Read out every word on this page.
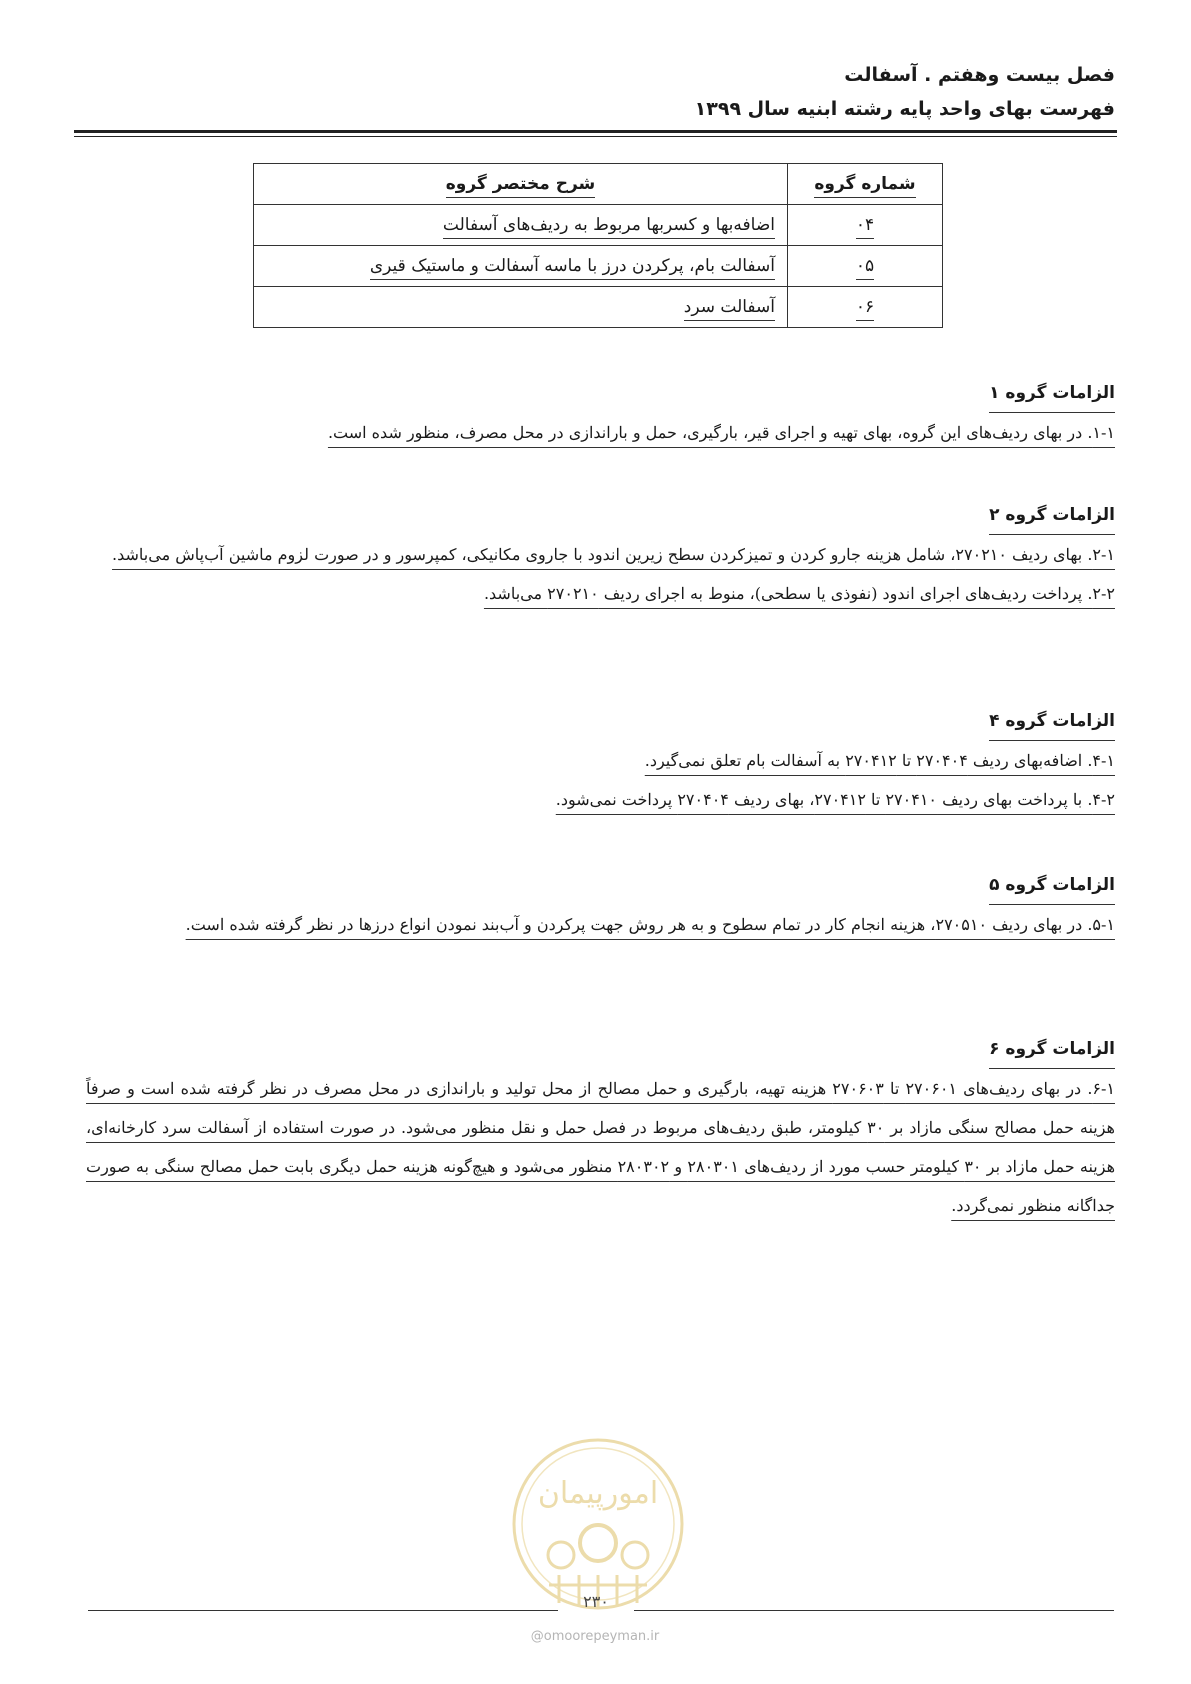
فصل بیست وهفتم . آسفالت
فهرست بهای واحد پایه رشته ابنیه سال ۱۳۹۹
شماره گروه	شرح مختصر گروه
۰۴	اضافه‌بها و کسربها مربوط به ردیف‌های آسفالت
۰۵	آسفالت بام، پرکردن درز با ماسه آسفالت و ماستیک قیری
۰۶	آسفالت سرد
الزامات گروه ۱

۱-۱. در بهای ردیف‌های این گروه، بهای تهیه و اجرای قیر، بارگیری، حمل و باراندازی در محل مصرف، منظور شده است.

الزامات گروه ۲

۲-۱. بهای ردیف ۲۷۰۲۱۰، شامل هزینه جارو کردن و تمیزکردن سطح زیرین اندود با جاروی مکانیکی، کمپرسور و در صورت لزوم ماشین آب‌پاش می‌باشد.

۲-۲. پرداخت ردیف‌های اجرای اندود (نفوذی یا سطحی)، منوط به اجرای ردیف ۲۷۰۲۱۰ می‌باشد.

الزامات گروه ۴

۴-۱. اضافه‌بهای ردیف ۲۷۰۴۰۴ تا ۲۷۰۴۱۲ به آسفالت بام تعلق نمی‌گیرد.

۴-۲. با پرداخت بهای ردیف ۲۷۰۴۱۰ تا ۲۷۰۴۱۲، بهای ردیف ۲۷۰۴۰۴ پرداخت نمی‌شود.

الزامات گروه ۵

۵-۱. در بهای ردیف ۲۷۰۵۱۰، هزینه انجام کار در تمام سطوح و به هر روش جهت پرکردن و آب‌بند نمودن انواع درزها در نظر گرفته شده است.

الزامات گروه ۶

۶-۱. در بهای ردیف‌های ۲۷۰۶۰۱ تا ۲۷۰۶۰۳ هزینه تهیه، بارگیری و حمل مصالح از محل تولید و باراندازی در محل مصرف در نظر گرفته شده است و صرفاً هزینه حمل مصالح سنگی مازاد بر ۳۰ کیلومتر، طبق ردیف‌های مربوط در فصل حمل و نقل منظور می‌شود. در صورت استفاده از آسفالت سرد کارخانه‌ای، هزینه حمل مازاد بر ۳۰ کیلومتر حسب مورد از ردیف‌های ۲۸۰۳۰۱ و ۲۸۰۳۰۲ منظور می‌شود و هیچ‌گونه هزینه حمل دیگری بابت حمل مصالح سنگی به صورت جداگانه منظور نمی‌گردد.

امورپیمان
۲۳۰
@omoorepeyman.ir
